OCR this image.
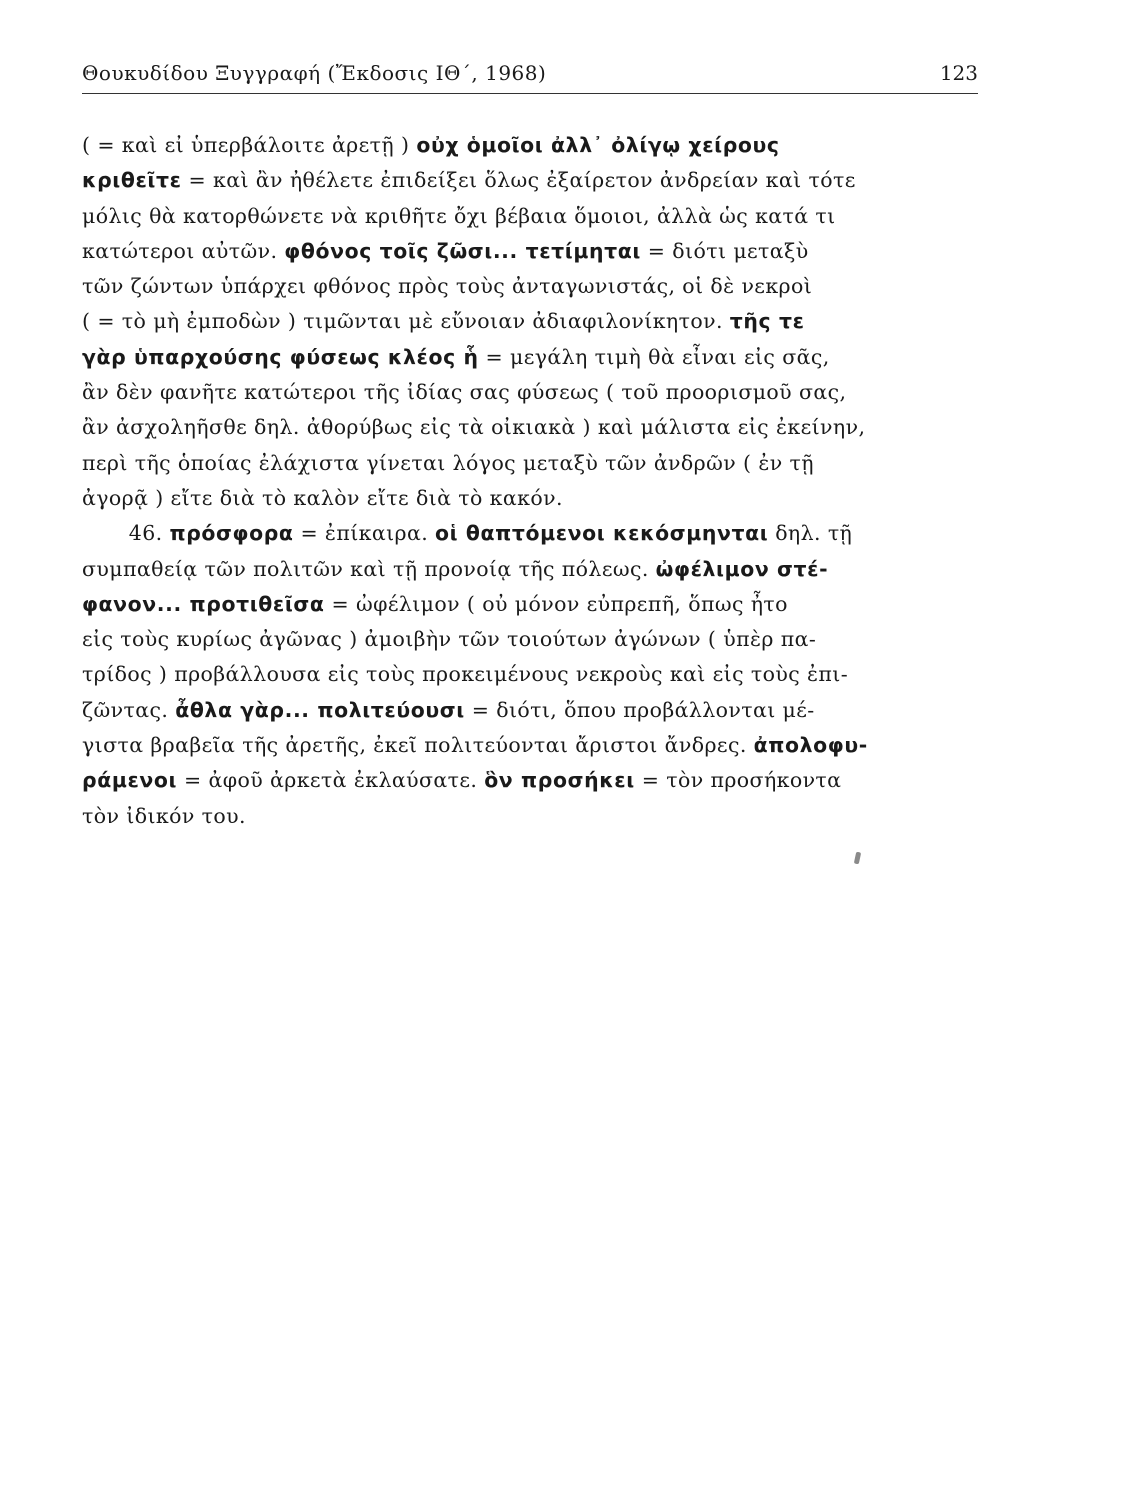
Θουκυδίδου Ξυγγραφή (Ἔκδοσις ΙΘ΄, 1968)	123
( = καὶ εἰ ὑπερβάλοιτε ἀρετῇ ) οὐχ ὁμοῖοι ἀλλ᾿ ὀλίγῳ χείρους
κριθεῖτε = καὶ ἂν ἠθέλετε ἐπιδείξει ὅλως ἐξαίρετον ἀνδρείαν καὶ τότε
μόλις θὰ κατορθώνετε νὰ κριθῆτε ὄχι βέβαια ὅμοιοι, ἀλλὰ ὡς κατά τι
κατώτεροι αὐτῶν. φθόνος τοῖς ζῶσι... τετίμηται = διότι μεταξὺ
τῶν ζώντων ὑπάρχει φθόνος πρὸς τοὺς ἀνταγωνιστάς, οἱ δὲ νεκροὶ
( = τὸ μὴ ἐμποδὼν ) τιμῶνται μὲ εὔνοιαν ἀδιαφιλονίκητον. τῆς τε
γὰρ ὑπαρχούσης φύσεως κλέος ἧ = μεγάλη τιμὴ θὰ εἶναι εἰς σᾶς,
ἂν δὲν φανῆτε κατώτεροι τῆς ἰδίας σας φύσεως ( τοῦ προορισμοῦ σας,
ἂν ἀσχοληῆσθε δηλ. ἀθορύβως εἰς τὰ οἰκιακὰ ) καὶ μάλιστα εἰς ἐκείνην,
περὶ τῆς ὁποίας ἐλάχιστα γίνεται λόγος μεταξὺ τῶν ἀνδρῶν ( ἐν τῇ
ἀγορᾷ ) εἴτε διὰ τὸ καλὸν εἴτε διὰ τὸ κακόν.
46. πρόσφορα = ἐπίκαιρα. οἱ θαπτόμενοι κεκόσμηνται δηλ. τῇ
συμπαθείᾳ τῶν πολιτῶν καὶ τῇ προνοίᾳ τῆς πόλεως. ὠφέλιμον στέ-
φανον... προτιθεῖσα = ὠφέλιμον ( οὐ μόνον εὐπρεπῆ, ὅπως ἦτο
εἰς τοὺς κυρίως ἀγῶνας ) ἀμοιβὴν τῶν τοιούτων ἀγώνων ( ὑπὲρ πα-
τρίδος ) προβάλλουσα εἰς τοὺς προκειμένους νεκροὺς καὶ εἰς τοὺς ἐπι-
ζῶντας. ἆθλα γὰρ... πολιτεύουσι = διότι, ὅπου προβάλλονται μέ-
γιστα βραβεῖα τῆς ἀρετῆς, ἐκεῖ πολιτεύονται ἄριστοι ἄνδρες. ἀπολοφυ-
ράμενοι = ἀφοῦ ἀρκετὰ ἐκλαύσατε. ὃν προσήκει = τὸν προσήκοντα
τὸν ἰδικόν του.
